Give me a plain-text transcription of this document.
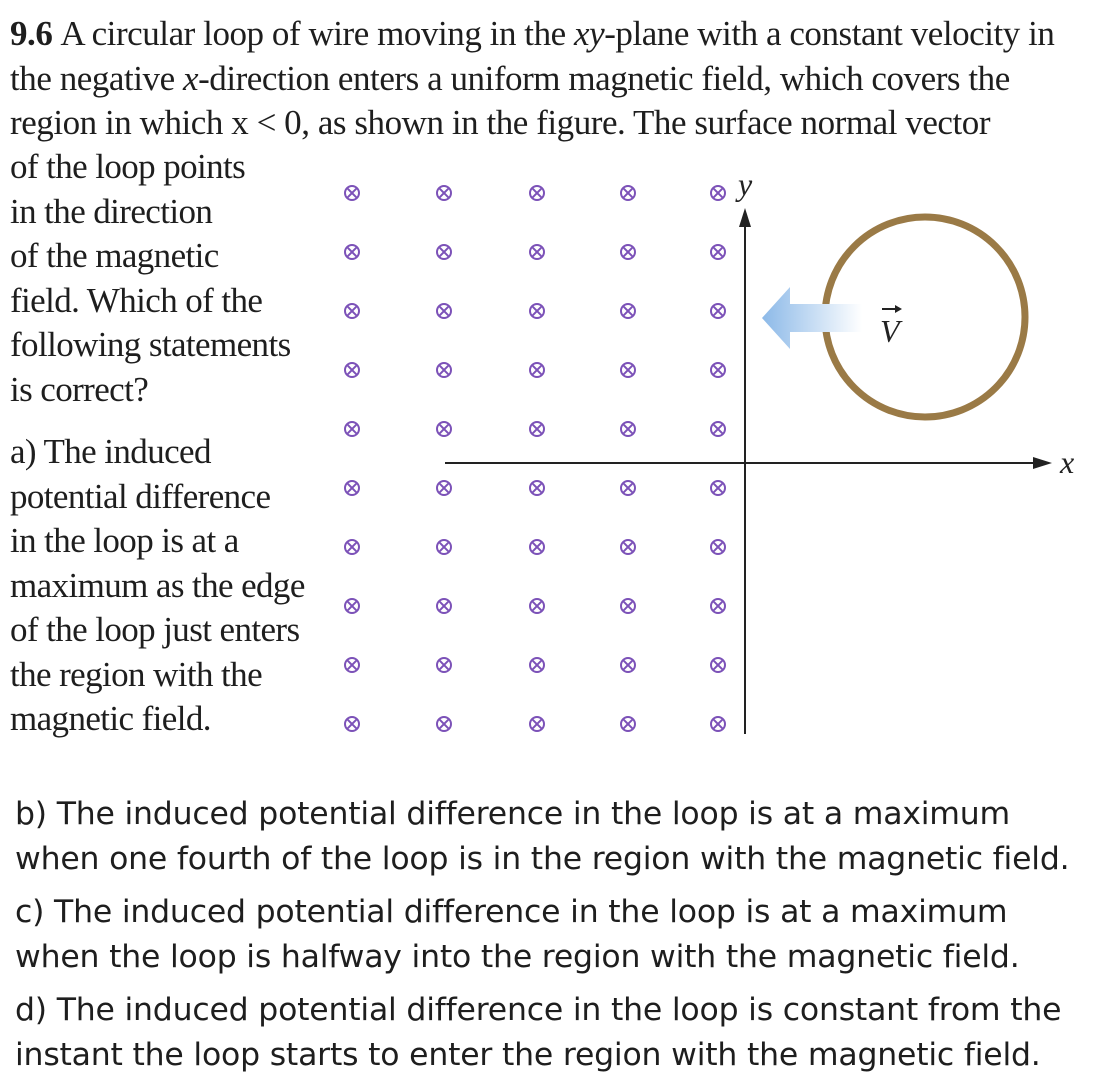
9.6 A circular loop of wire moving in the xy-plane with a constant velocity in the negative x-direction enters a uniform magnetic field, which covers the region in which x < 0, as shown in the figure. The surface normal vector
of the loop points
in the direction
of the magnetic
field. Which of the
following statements
is correct?
a) The induced
potential difference
in the loop is at a
maximum as the edge
of the loop just enters
the region with the
magnetic field.
x
y
V
b) The induced potential difference in the loop is at a maximum when one fourth of the loop is in the region with the magnetic field.
c) The induced potential difference in the loop is at a maximum when the loop is halfway into the region with the magnetic field.
d) The induced potential difference in the loop is constant from the instant the loop starts to enter the region with the magnetic field.
